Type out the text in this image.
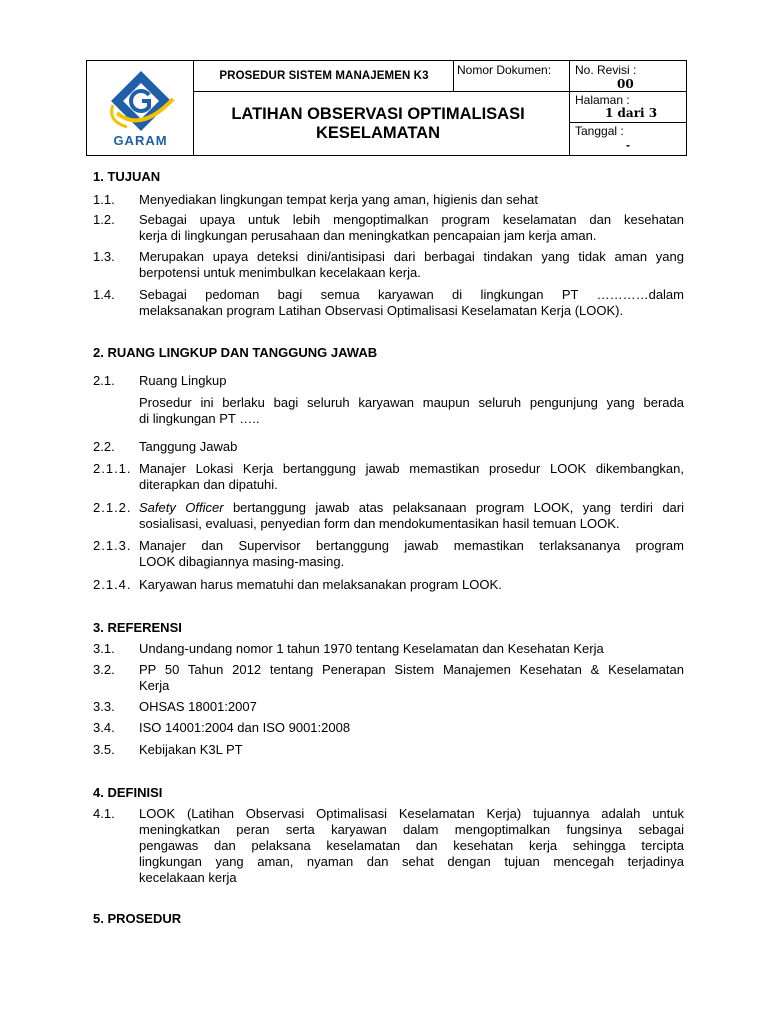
GARAM
PROSEDUR SISTEM MANAJEMEN K3	Nomor Dokumen: No. Revisi :
00
LATIHAN OBSERVASI OPTIMALISASI
KESELAMATAN
Halaman :
1 dari 3
Tanggal :
-
1. TUJUAN
1.1. Menyediakan lingkungan tempat kerja yang aman, higienis dan sehat
1.2. Sebagai upaya untuk lebih mengoptimalkan program keselamatan dan kesehatan
kerja di lingkungan perusahaan dan meningkatkan pencapaian jam kerja aman.
1.3. Merupakan upaya deteksi dini/antisipasi dari berbagai tindakan yang tidak aman yang
berpotensi untuk menimbulkan kecelakaan kerja.
1.4. Sebagai pedoman bagi semua karyawan di lingkungan PT …………dalam
melaksanakan program Latihan Observasi Optimalisasi Keselamatan Kerja (LOOK).
2. RUANG LINGKUP DAN TANGGUNG JAWAB
2.1. Ruang Lingkup
Prosedur ini berlaku bagi seluruh karyawan maupun seluruh pengunjung yang berada
di lingkungan PT …..
2.2. Tanggung Jawab
2.1.1. Manajer Lokasi Kerja bertanggung jawab memastikan prosedur LOOK dikembangkan,
diterapkan dan dipatuhi.
2.1.2. Safety Officer bertanggung jawab atas pelaksanaan program LOOK, yang terdiri dari
sosialisasi, evaluasi, penyedian form dan mendokumentasikan hasil temuan LOOK.
2.1.3. Manajer dan Supervisor bertanggung jawab memastikan terlaksananya program
LOOK dibagiannya masing-masing.
2.1.4. Karyawan harus mematuhi dan melaksanakan program LOOK.
3. REFERENSI
3.1. Undang-undang nomor 1 tahun 1970 tentang Keselamatan dan Kesehatan Kerja
3.2. PP 50 Tahun 2012 tentang Penerapan Sistem Manajemen Kesehatan & Keselamatan
Kerja
3.3. OHSAS 18001:2007
3.4. ISO 14001:2004 dan ISO 9001:2008
3.5. Kebijakan K3L PT
4. DEFINISI
4.1. LOOK (Latihan Observasi Optimalisasi Keselamatan Kerja) tujuannya adalah untuk
meningkatkan peran serta karyawan dalam mengoptimalkan fungsinya sebagai
pengawas dan pelaksana keselamatan dan kesehatan kerja sehingga tercipta
lingkungan yang aman, nyaman dan sehat dengan tujuan mencegah terjadinya
kecelakaan kerja
5. PROSEDUR
